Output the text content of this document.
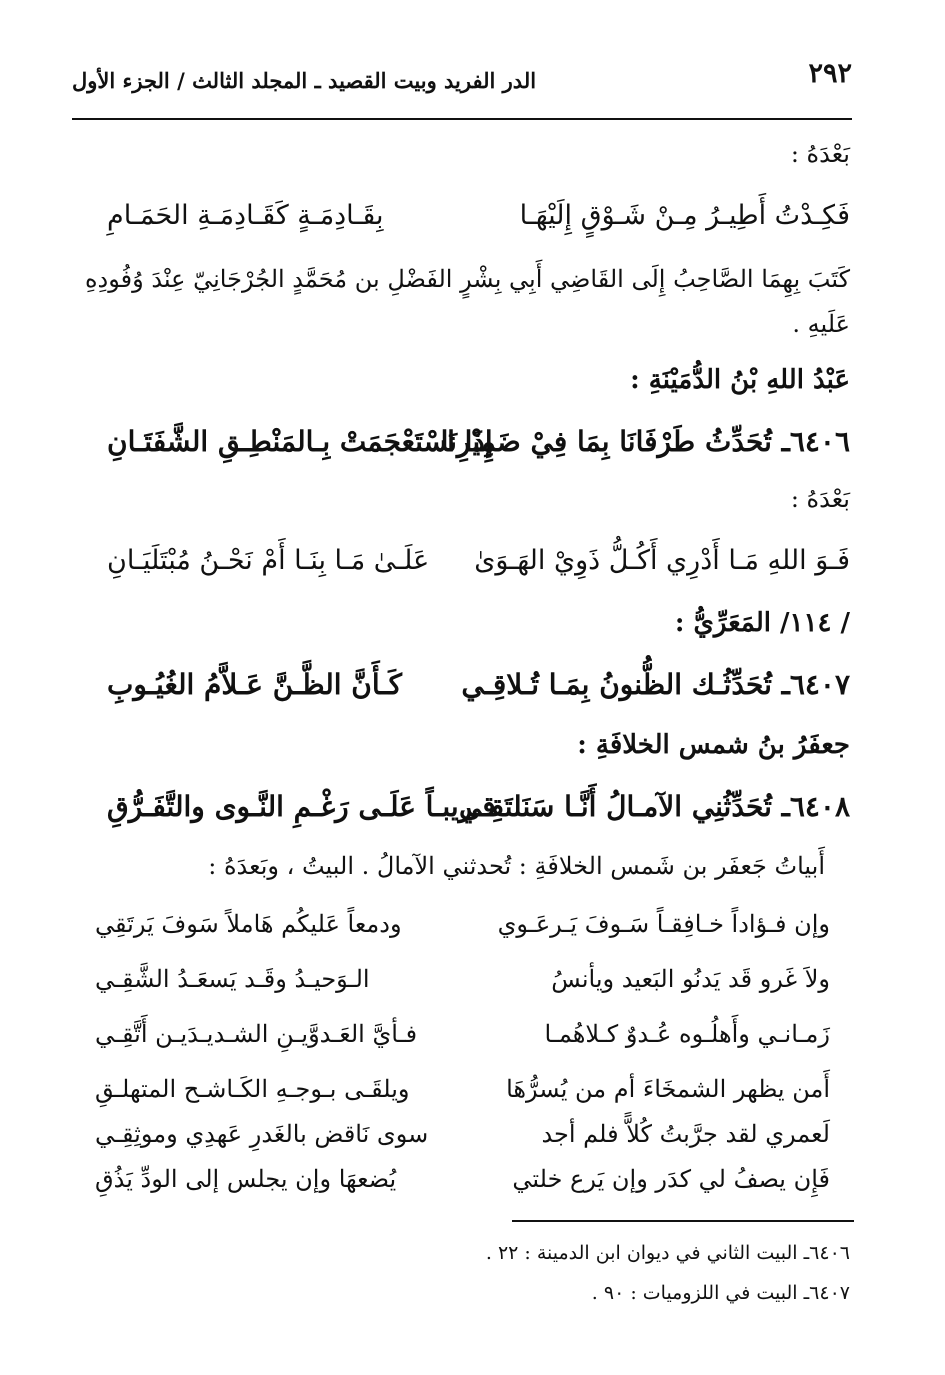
٢٩٢
الدر الفريد وبيت القصيد ـ المجلد الثالث / الجزء الأول
بَعْدَهُ :
فَكِـدْتُ أَطِيـرُ مِـنْ شَـوْقٍ إِلَيْهَـا
بِقَـادِمَـةٍ كَقَـادِمَـةِ الحَمَـامِ
كَتَبَ بِهِمَا الصَّاحِبُ إِلَى القَاضِي أَبِي بِشْرٍ الفَضْلِ بن مُحَمَّدٍ الجُرْجَانِيّ عِنْدَ وُفُودِهِ
عَلَيهِ .
عَبْدُ اللهِ بْنُ الدُّمَيْنَةِ :
٦٤٠٦ـ تُحَدِّثُ طَرْفَانَا بِمَا فِيْ ضَمِيْرِنَا
إِذَا اسْتَعْجَمَتْ بِـالمَنْطِـقِ الشَّفَتَـانِ
بَعْدَهُ :
فَـوَ اللهِ مَـا أَدْرِي أَكُـلُّ ذَوِيْ الهَـوَىٰ
عَلَـىٰ مَـا بِنَـا أَمْ نَحْـنُ مُبْتَلَيَـانِ
/ ١١٤/ المَعَرِّيُّ :
٦٤٠٧ـ تُحَدِّثُـك الظُّنونُ بِمَـا تُـلاقِـي
كَـأَنَّ الظَّـنَّ عَـلاَّمُ الغُيُـوبِ
جعفَرُ بنُ شمس الخلافَةِ :
٦٤٠٨ـ تُحَدِّثُنِي الآمـالُ أَنَّـا سَنَلتَقِـي
قـريبـاً عَلَـى رَغْـمِ النَّـوى والتَّفَـرُّقِ
أَبياتُ جَعفَر بن شَمس الخلافَةِ : تُحدثني الآمالُ . البيتُ ، وبَعدَهُ :
وإن فـؤاداً خـافِقـاً سَـوفَ يَـرعَـوي
ودمعاً عَليكُم هَاملاً سَوفَ يَرتَقِي
ولاَ غَرو قَد يَدنُو البَعيد ويأنسُ
الـوَحيـدُ وقَـد يَسعَـدُ الشَّقِـي
زَمـانـي وأَهلُـوه عُـدوٌ كـلاهُمـا
فـأيَّ العَـدوَّيـنِ الشـديـدَيـن أَتَّقِـي
أَمن يظهر الشمخَاءَ أم من يُسرُّهَا
ويلقَـى بـوجـهِ الكَـاشـح المتهلـقِ
لَعمري لقد جرَّبتُ كُلاًّ فلم أجد
سوى نَاقض بالغَدرِ عَهدِي وموثِقِـي
فَإِن يصفُ لي كدَر وإن يَرع خلتي
يُضعهَا وإن يجلس إلى الودِّ يَذُقِ
٦٤٠٦ـ البيت الثاني في ديوان ابن الدمينة : ٢٢ .
٦٤٠٧ـ البيت في اللزوميات : ٩٠ .
